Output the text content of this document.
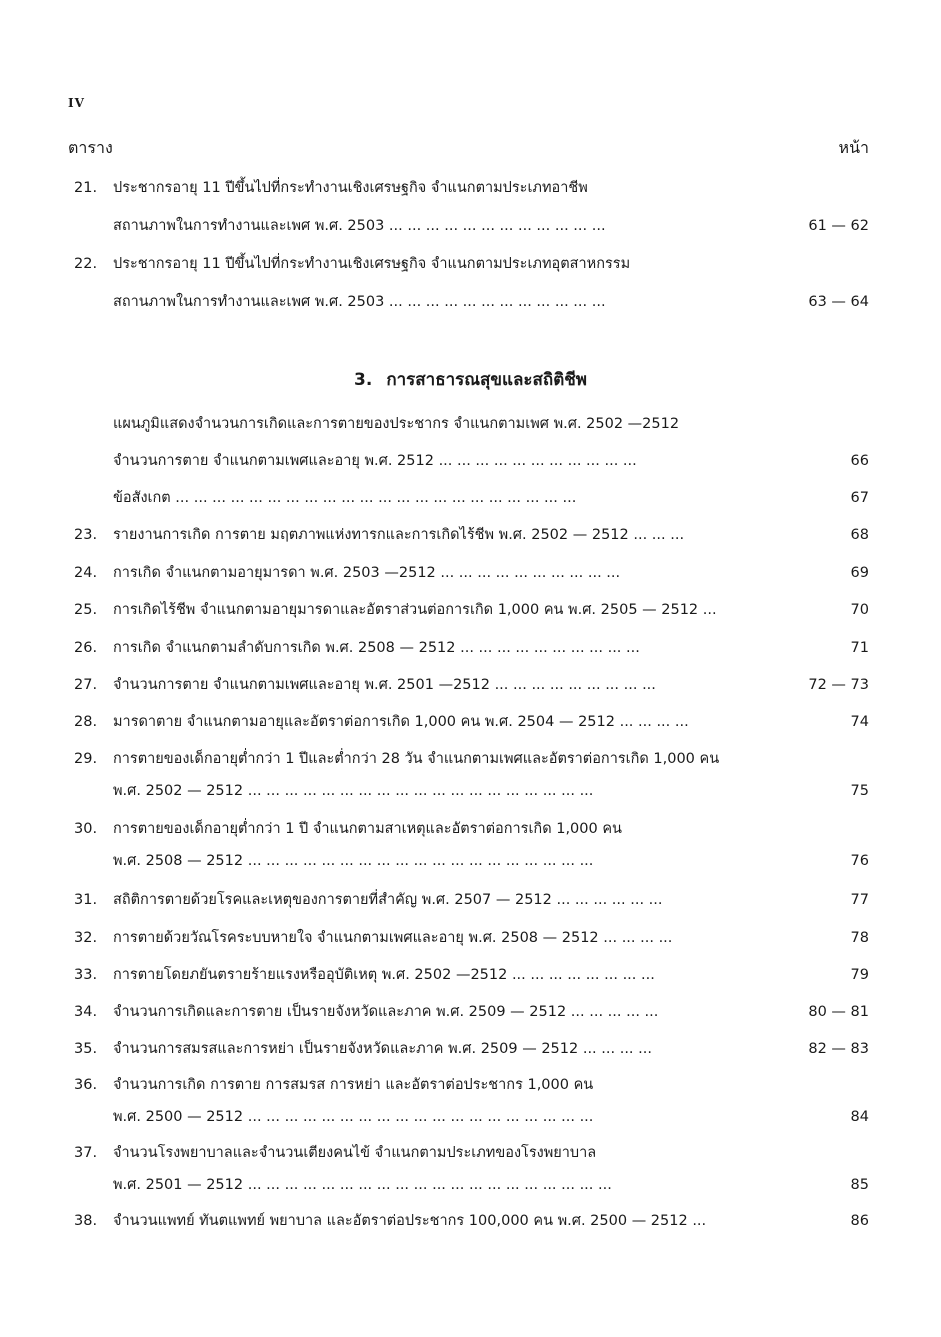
IV
ตาราง	หน้า
21.	ประชากรอายุ 11 ปีขึ้นไปที่กระทำงานเชิงเศรษฐกิจ จำแนกตามประเภทอาชีพ
สถานภาพในการทำงานและเพศ พ.ศ. 2503 ... ... ... ... ... ... ... ... ... ... ... ...	61 — 62
22.	ประชากรอายุ 11 ปีขึ้นไปที่กระทำงานเชิงเศรษฐกิจ จำแนกตามประเภทอุตสาหกรรม
สถานภาพในการทำงานและเพศ พ.ศ. 2503 ... ... ... ... ... ... ... ... ... ... ... ...	63 — 64
3. การสาธารณสุขและสถิติชีพ
แผนภูมิแสดงจำนวนการเกิดและการตายของประชากร จำแนกตามเพศ พ.ศ. 2502 —2512
จำนวนการตาย จำแนกตามเพศและอายุ พ.ศ. 2512 ... ... ... ... ... ... ... ... ... ... ...	66
ข้อสังเกต ... ... ... ... ... ... ... ... ... ... ... ... ... ... ... ... ... ... ... ... ... ...	67
23.	รายงานการเกิด การตาย มฤตภาพแห่งทารกและการเกิดไร้ชีพ พ.ศ. 2502 — 2512 ... ... ...	68
24.	การเกิด จำแนกตามอายุมารดา พ.ศ. 2503 —2512 ... ... ... ... ... ... ... ... ... ...	69
25.	การเกิดไร้ชีพ จำแนกตามอายุมารดาและอัตราส่วนต่อการเกิด 1,000 คน พ.ศ. 2505 — 2512 ...	70
26.	การเกิด จำแนกตามลำดับการเกิด พ.ศ. 2508 — 2512 ... ... ... ... ... ... ... ... ... ...	71
27.	จำนวนการตาย จำแนกตามเพศและอายุ พ.ศ. 2501 —2512 ... ... ... ... ... ... ... ... ...	72 — 73
28.	มารดาตาย จำแนกตามอายุและอัตราต่อการเกิด 1,000 คน พ.ศ. 2504 — 2512 ... ... ... ...	74
29.	การตายของเด็กอายุต่ำกว่า 1 ปีและต่ำกว่า 28 วัน จำแนกตามเพศและอัตราต่อการเกิด 1,000 คน
พ.ศ. 2502 — 2512 ... ... ... ... ... ... ... ... ... ... ... ... ... ... ... ... ... ... ...	75
30.	การตายของเด็กอายุต่ำกว่า 1 ปี จำแนกตามสาเหตุและอัตราต่อการเกิด 1,000 คน
พ.ศ. 2508 — 2512 ... ... ... ... ... ... ... ... ... ... ... ... ... ... ... ... ... ... ...	76
31.	สถิติการตายด้วยโรคและเหตุของการตายที่สำคัญ พ.ศ. 2507 — 2512 ... ... ... ... ... ...	77
32.	การตายด้วยวัณโรคระบบหายใจ จำแนกตามเพศและอายุ พ.ศ. 2508 — 2512 ... ... ... ...	78
33.	การตายโดยภยันตรายร้ายแรงหรืออุบัติเหตุ พ.ศ. 2502 —2512 ... ... ... ... ... ... ... ...	79
34.	จำนวนการเกิดและการตาย เป็นรายจังหวัดและภาค พ.ศ. 2509 — 2512 ... ... ... ... ...	80 — 81
35.	จำนวนการสมรสและการหย่า เป็นรายจังหวัดและภาค พ.ศ. 2509 — 2512 ... ... ... ...	82 — 83
36.	จำนวนการเกิด การตาย การสมรส การหย่า และอัตราต่อประชากร 1,000 คน
พ.ศ. 2500 — 2512 ... ... ... ... ... ... ... ... ... ... ... ... ... ... ... ... ... ... ...	84
37.	จำนวนโรงพยาบาลและจำนวนเตียงคนไข้ จำแนกตามประเภทของโรงพยาบาล
พ.ศ. 2501 — 2512 ... ... ... ... ... ... ... ... ... ... ... ... ... ... ... ... ... ... ... ...	85
38.	จำนวนแพทย์ ทันตแพทย์ พยาบาล และอัตราต่อประชากร 100,000 คน พ.ศ. 2500 — 2512 ...	86
